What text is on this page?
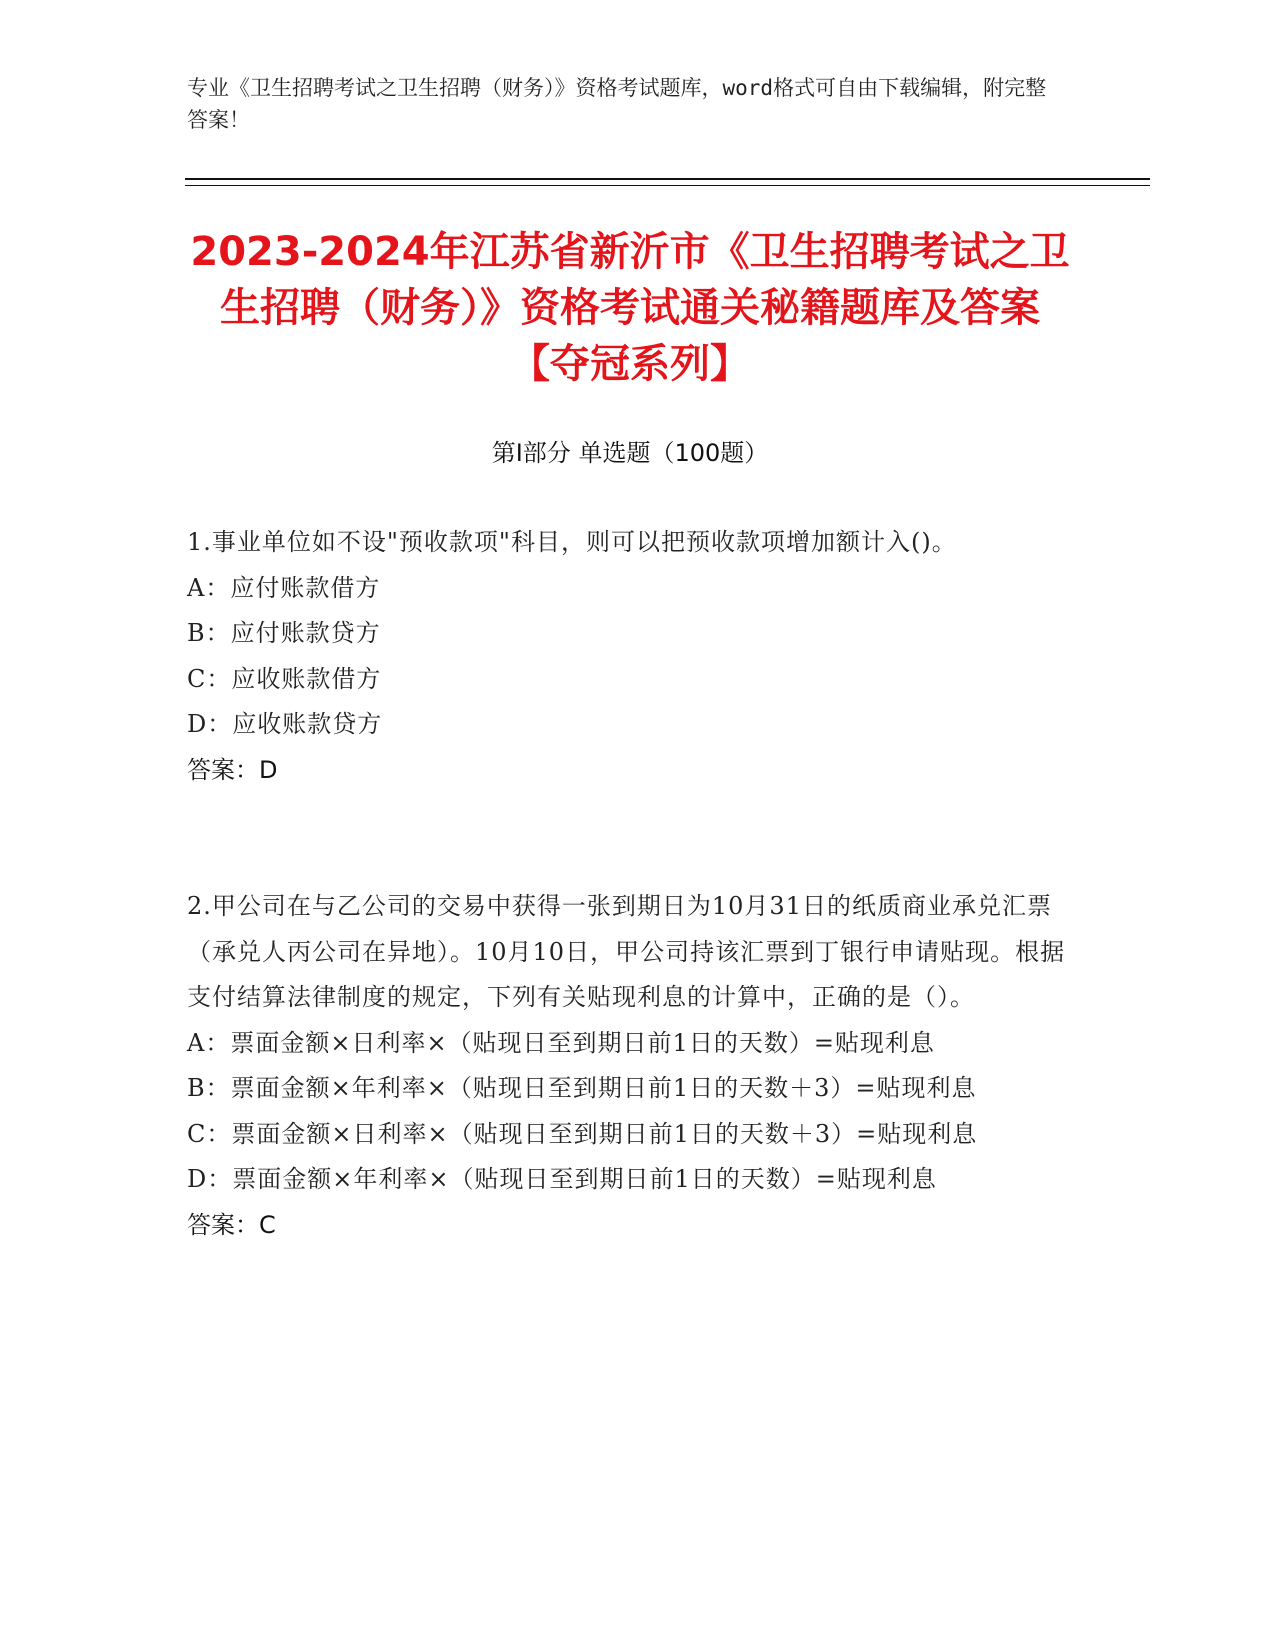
专业《卫生招聘考试之卫生招聘（财务）》资格考试题库，word格式可自由下载编辑，附完整答案！
2023-2024年江苏省新沂市《卫生招聘考试之卫生招聘（财务）》资格考试通关秘籍题库及答案【夺冠系列】
第Ⅰ部分 单选题（100题）
1.事业单位如不设"预收款项"科目，则可以把预收款项增加额计入()。
A：应付账款借方
B：应付账款贷方
C：应收账款借方
D：应收账款贷方
答案：D
2.甲公司在与乙公司的交易中获得一张到期日为10月31日的纸质商业承兑汇票（承兑人丙公司在异地）。10月10日，甲公司持该汇票到丁银行申请贴现。根据支付结算法律制度的规定，下列有关贴现利息的计算中，正确的是（）。
A：票面金额×日利率×（贴现日至到期日前1日的天数）=贴现利息
B：票面金额×年利率×（贴现日至到期日前1日的天数＋3）=贴现利息
C：票面金额×日利率×（贴现日至到期日前1日的天数＋3）=贴现利息
D：票面金额×年利率×（贴现日至到期日前1日的天数）=贴现利息
答案：C
